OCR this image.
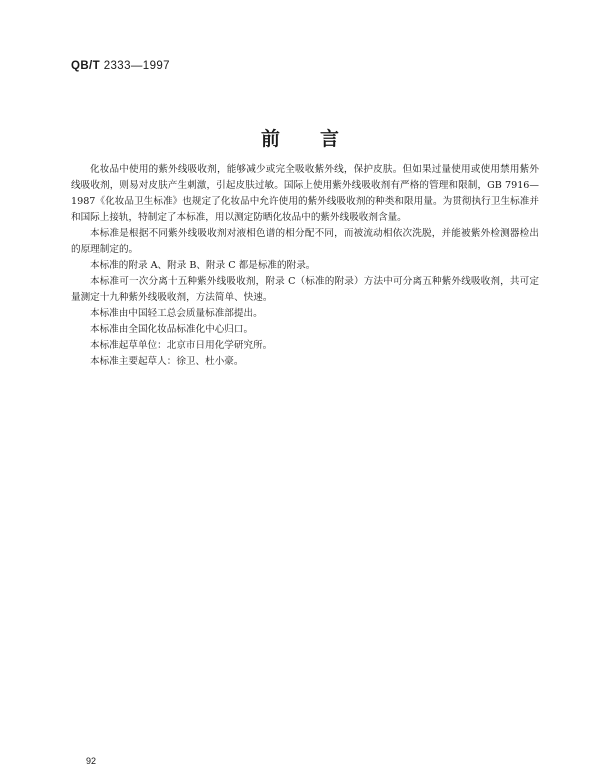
QB/T 2333—1997
前言

化妆品中使用的紫外线吸收剂，能够减少或完全吸收紫外线，保护皮肤。但如果过量使用或使用禁用紫外线吸收剂，则易对皮肤产生刺激，引起皮肤过敏。国际上使用紫外线吸收剂有严格的管理和限制，GB 7916—1987《化妆品卫生标准》也规定了化妆品中允许使用的紫外线吸收剂的种类和限用量。为贯彻执行卫生标准并和国际上接轨，特制定了本标准，用以测定防晒化妆品中的紫外线吸收剂含量。

本标准是根据不同紫外线吸收剂对液相色谱的相分配不同，而被流动相依次洗脱，并能被紫外检测器检出的原理制定的。

本标准的附录 A、附录 B、附录 C 都是标准的附录。

本标准可一次分离十五种紫外线吸收剂，附录 C（标准的附录）方法中可分离五种紫外线吸收剂，共可定量测定十九种紫外线吸收剂，方法简单、快速。

本标准由中国轻工总会质量标准部提出。

本标准由全国化妆品标准化中心归口。

本标准起草单位：北京市日用化学研究所。

本标准主要起草人：徐卫、杜小豪。

92
